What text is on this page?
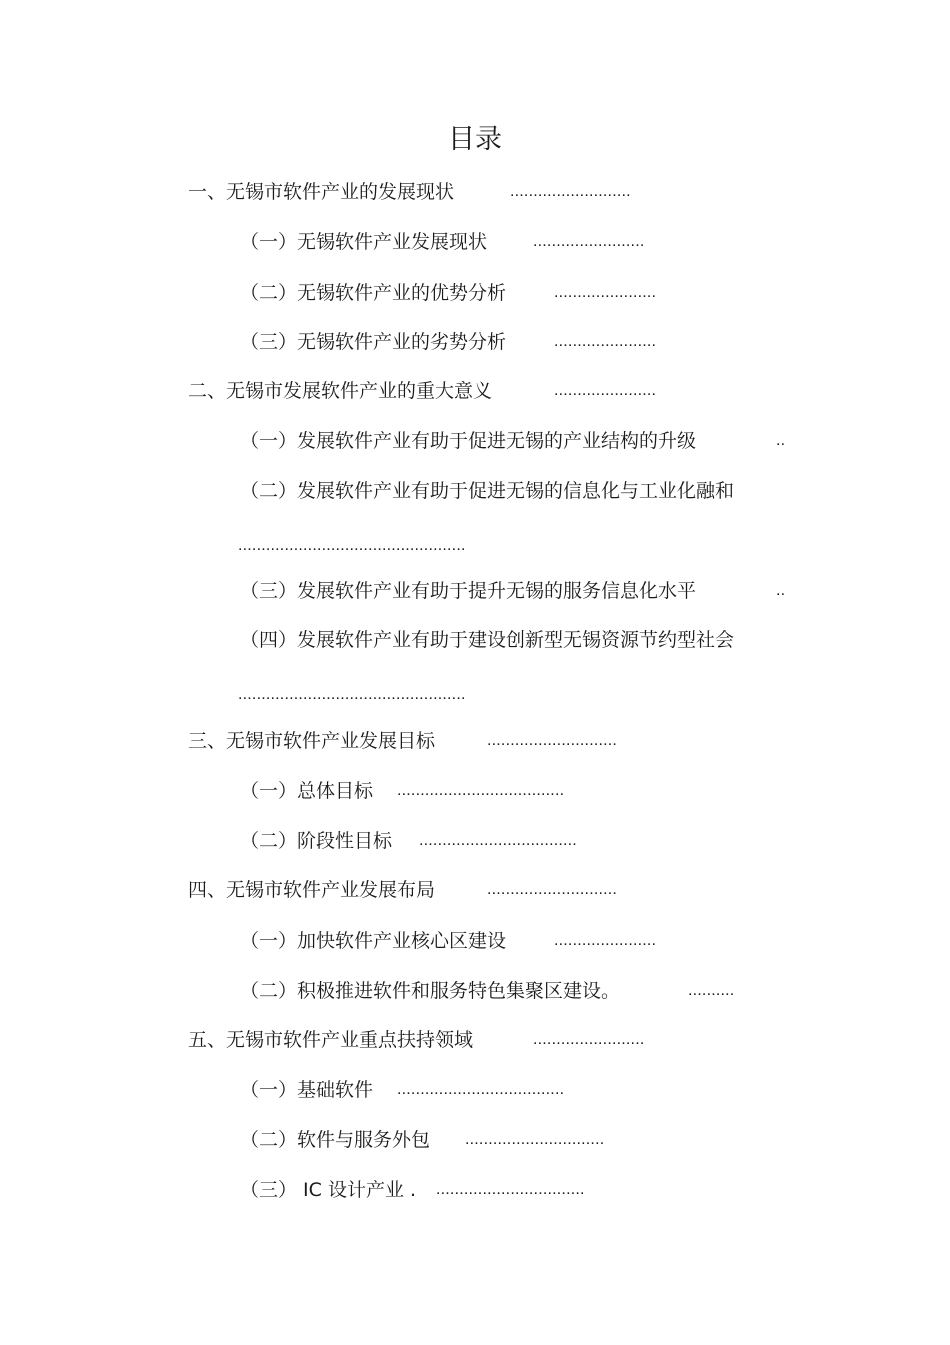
目录
一、无锡市软件产业的发展现状	..........................
（一）无锡软件产业发展现状	........................
（二）无锡软件产业的优势分析	......................
（三）无锡软件产业的劣势分析	......................
二、无锡市发展软件产业的重大意义	......................
（一）发展软件产业有助于促进无锡的产业结构的升级	..
（二）发展软件产业有助于促进无锡的信息化与工业化融和
.................................................
（三）发展软件产业有助于提升无锡的服务信息化水平	..
（四）发展软件产业有助于建设创新型无锡资源节约型社会
.................................................
三、无锡市软件产业发展目标	............................
（一）总体目标 ....................................
（二）阶段性目标 ..................................
四、无锡市软件产业发展布局	............................
（一）加快软件产业核心区建设	......................
（二）积极推进软件和服务特色集聚区建设。	..........
五、无锡市软件产业重点扶持领域	........................
（一）基础软件 ....................................
（二）软件与服务外包 ..............................
（三） IC 设计产业 . ................................
